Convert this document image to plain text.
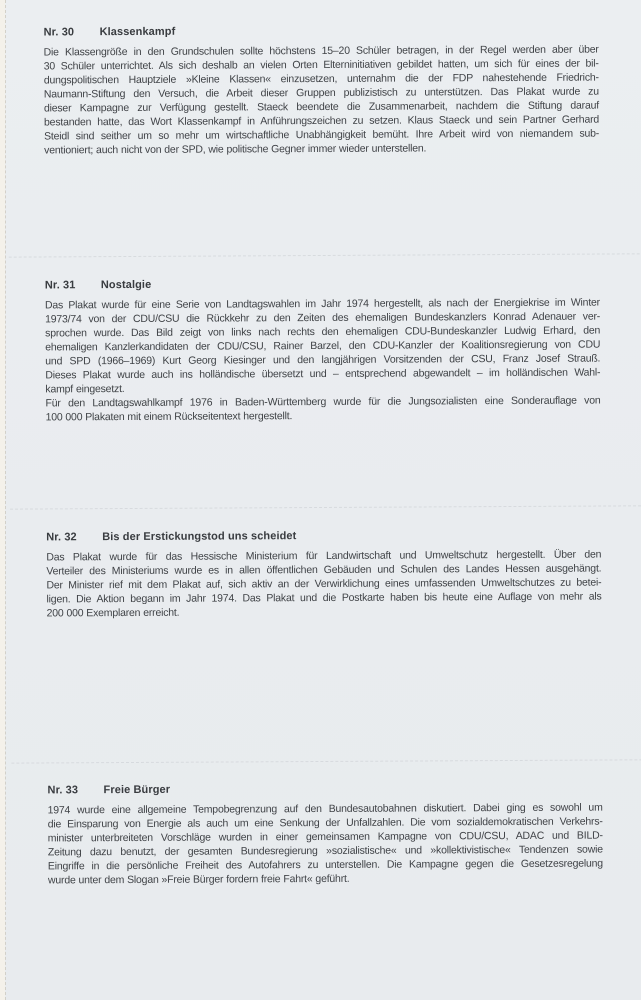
Nr. 30	Klassenkampf
Die Klassengröße in den Grundschulen sollte höchstens 15–20 Schüler betragen, in der Regel werden aber über
30 Schüler unterrichtet. Als sich deshalb an vielen Orten Elterninitiativen gebildet hatten, um sich für eines der bil-
dungspolitischen Hauptziele »Kleine Klassen« einzusetzen, unternahm die der FDP nahestehende Friedrich-
Naumann-Stiftung den Versuch, die Arbeit dieser Gruppen publizistisch zu unterstützen. Das Plakat wurde zu
dieser Kampagne zur Verfügung gestellt. Staeck beendete die Zusammenarbeit, nachdem die Stiftung darauf
bestanden hatte, das Wort Klassenkampf in Anführungszeichen zu setzen. Klaus Staeck und sein Partner Gerhard
Steidl sind seither um so mehr um wirtschaftliche Unabhängigkeit bemüht. Ihre Arbeit wird von niemandem sub-
ventioniert; auch nicht von der SPD, wie politische Gegner immer wieder unterstellen.
Nr. 31	Nostalgie
Das Plakat wurde für eine Serie von Landtagswahlen im Jahr 1974 hergestellt, als nach der Energiekrise im Winter
1973/74 von der CDU/CSU die Rückkehr zu den Zeiten des ehemaligen Bundeskanzlers Konrad Adenauer ver-
sprochen wurde. Das Bild zeigt von links nach rechts den ehemaligen CDU-Bundeskanzler Ludwig Erhard, den
ehemaligen Kanzlerkandidaten der CDU/CSU, Rainer Barzel, den CDU-Kanzler der Koalitionsregierung von CDU
und SPD (1966–1969) Kurt Georg Kiesinger und den langjährigen Vorsitzenden der CSU, Franz Josef Strauß.
Dieses Plakat wurde auch ins holländische übersetzt und – entsprechend abgewandelt – im holländischen Wahl-
kampf eingesetzt.
Für den Landtagswahlkampf 1976 in Baden-Württemberg wurde für die Jungsozialisten eine Sonderauflage von
100 000 Plakaten mit einem Rückseitentext hergestellt.
Nr. 32	Bis der Erstickungstod uns scheidet
Das Plakat wurde für das Hessische Ministerium für Landwirtschaft und Umweltschutz hergestellt. Über den
Verteiler des Ministeriums wurde es in allen öffentlichen Gebäuden und Schulen des Landes Hessen ausgehängt.
Der Minister rief mit dem Plakat auf, sich aktiv an der Verwirklichung eines umfassenden Umweltschutzes zu betei-
ligen. Die Aktion begann im Jahr 1974. Das Plakat und die Postkarte haben bis heute eine Auflage von mehr als
200 000 Exemplaren erreicht.
Nr. 33	Freie Bürger
1974 wurde eine allgemeine Tempobegrenzung auf den Bundesautobahnen diskutiert. Dabei ging es sowohl um
die Einsparung von Energie als auch um eine Senkung der Unfallzahlen. Die vom sozialdemokratischen Verkehrs-
minister unterbreiteten Vorschläge wurden in einer gemeinsamen Kampagne von CDU/CSU, ADAC und BILD-
Zeitung dazu benutzt, der gesamten Bundesregierung »sozialistische« und »kollektivistische« Tendenzen sowie
Eingriffe in die persönliche Freiheit des Autofahrers zu unterstellen. Die Kampagne gegen die Gesetzesregelung
wurde unter dem Slogan »Freie Bürger fordern freie Fahrt« geführt.
